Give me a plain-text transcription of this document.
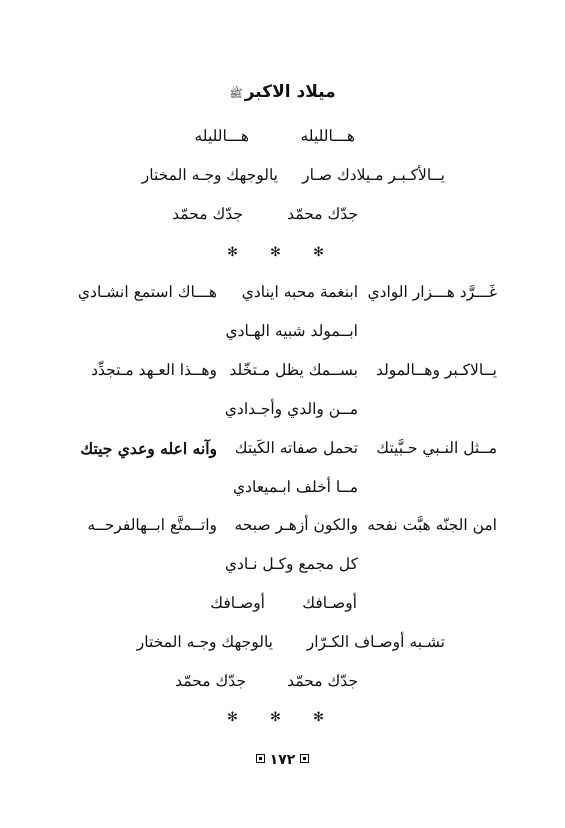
ميلاد الاكبرﷺ
هـــالليله
هـــالليله
يــالأكـبـر مـيلادك صـار
يالوجهك وجـه المختار
جدّك محمّد
جدّك محمّد
✻ ✻ ✻
غَـــرَّد هـــزار الوادي
ابنغمة محبه اينادي
هـــاك استمع انشـادي
ابــمولد شبيه الهـادي
يــالاكـبر وهــالمولد
بســمك يظل مـتخّلد
وهــذا العـهد مـتجدِّد
مــن والدي وأجـدادي
مــثل النـبي حـبَّيتك
تحمل صفاته الكَيتك
وآنه اعله وعدي جيتك
مــا أخلف ابـميعادي
امن الجنّه هبَّت نفحه
والكون أزهـر صبحه
واتــمتَّع ابــهالفرحــه
كل مجمع وكـل نـادي
أوصـافك
أوصـافك
تشـبه أوصـاف الكـرّار
يالوجهك وجـه المختار
جدّك محمّد
جدّك محمّد
✻ ✻ ✻
١٧٢
